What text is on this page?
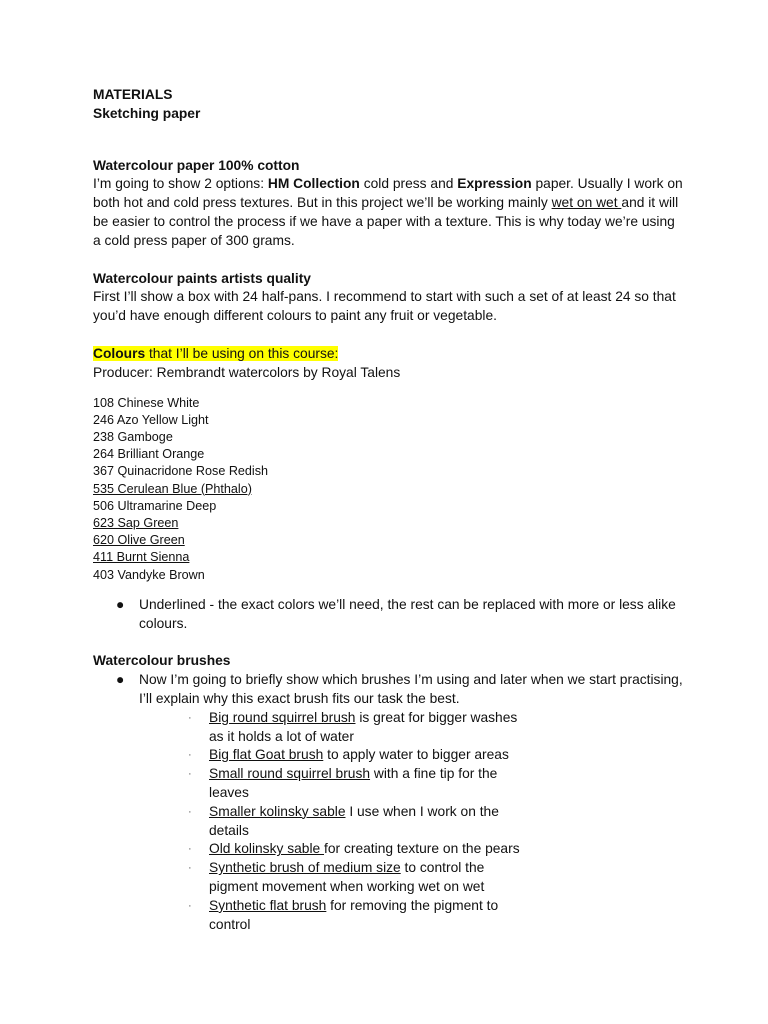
MATERIALS

Sketching paper

Watercolour paper 100% cotton

I’m going to show 2 options: HM Collection cold press and Expression paper. Usually I work on both hot and cold press textures. But in this project we’ll be working mainly wet on wet and it will be easier to control the process if we have a paper with a texture. This is why today we’re using a cold press paper of 300 grams.

Watercolour paints artists quality

First I’ll show a box with 24 half-pans. I recommend to start with such a set of at least 24 so that you’d have enough different colours to paint any fruit or vegetable.

Colours that I’ll be using on this course:

Producer: Rembrandt watercolors by Royal Talens

108 Chinese White
246 Azo Yellow Light
238 Gamboge
264 Brilliant Orange
367 Quinacridone Rose Redish
535 Cerulean Blue (Phthalo)
506 Ultramarine Deep
623 Sap Green
620 Olive Green
411 Burnt Sienna
403 Vandyke Brown
● Underlined - the exact colors we’ll need, the rest can be replaced with more or less alike colours.

Watercolour brushes

● Now I’m going to briefly show which brushes I’m using and later when we start practising, I’ll explain why this exact brush fits our task the best.
· Big round squirrel brush is great for bigger washes as it holds a lot of water
· Big flat Goat brush to apply water to bigger areas
· Small round squirrel brush with a fine tip for the leaves
· Smaller kolinsky sable I use when I work on the details
· Old kolinsky sable for creating texture on the pears
· Synthetic brush of medium size to control the pigment movement when working wet on wet
· Synthetic flat brush for removing the pigment to control
